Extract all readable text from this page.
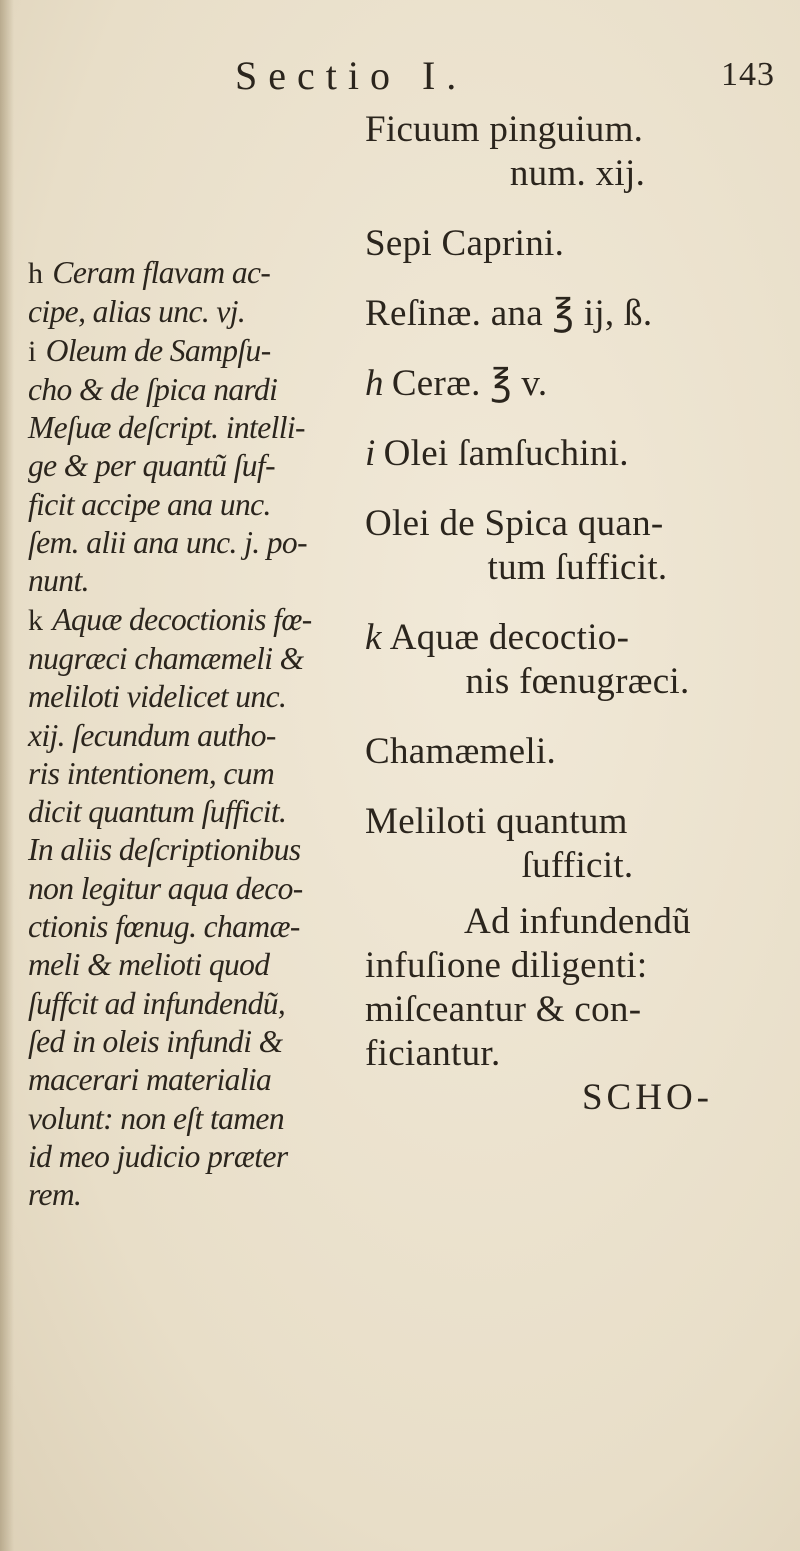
Sectio I.	143

h Ceram flavam ac-

cipe, alias unc. vj.

i Oleum de Sampſu-

cho & de ſpica nardi

Meſuæ deſcript. intelli-

ge & per quantũ ſuf-

ficit accipe ana unc.

ſem. alii ana unc. j. po-

nunt.

k Aquæ decoctionis fœ-

nugræci chamæmeli &

meliloti videlicet unc.

xij. ſecundum autho-

ris intentionem, cum

dicit quantum ſufficit.

In aliis deſcriptionibus

non legitur aqua deco-

ctionis fœnug. chamæ-

meli & melioti quod

ſuffcit ad infundendũ,

ſed in oleis infundi &

macerari materialia

volunt: non eſt tamen

id meo judicio præter

rem.

Ficuum pinguium.

num. xij.

Sepi Caprini.

Reſinæ. ana ℥ ij, ß.

h Ceræ. ℥ v.

i Olei ſamſuchini.

Olei de Spica quan-

tum ſufficit.

k Aquæ decoctio-

nis fœnugræci.

Chamæmeli.

Meliloti quantum

ſufficit.

Ad infundendũ

infuſione diligenti:

miſceantur & con-

ficiantur.

SCHO-
